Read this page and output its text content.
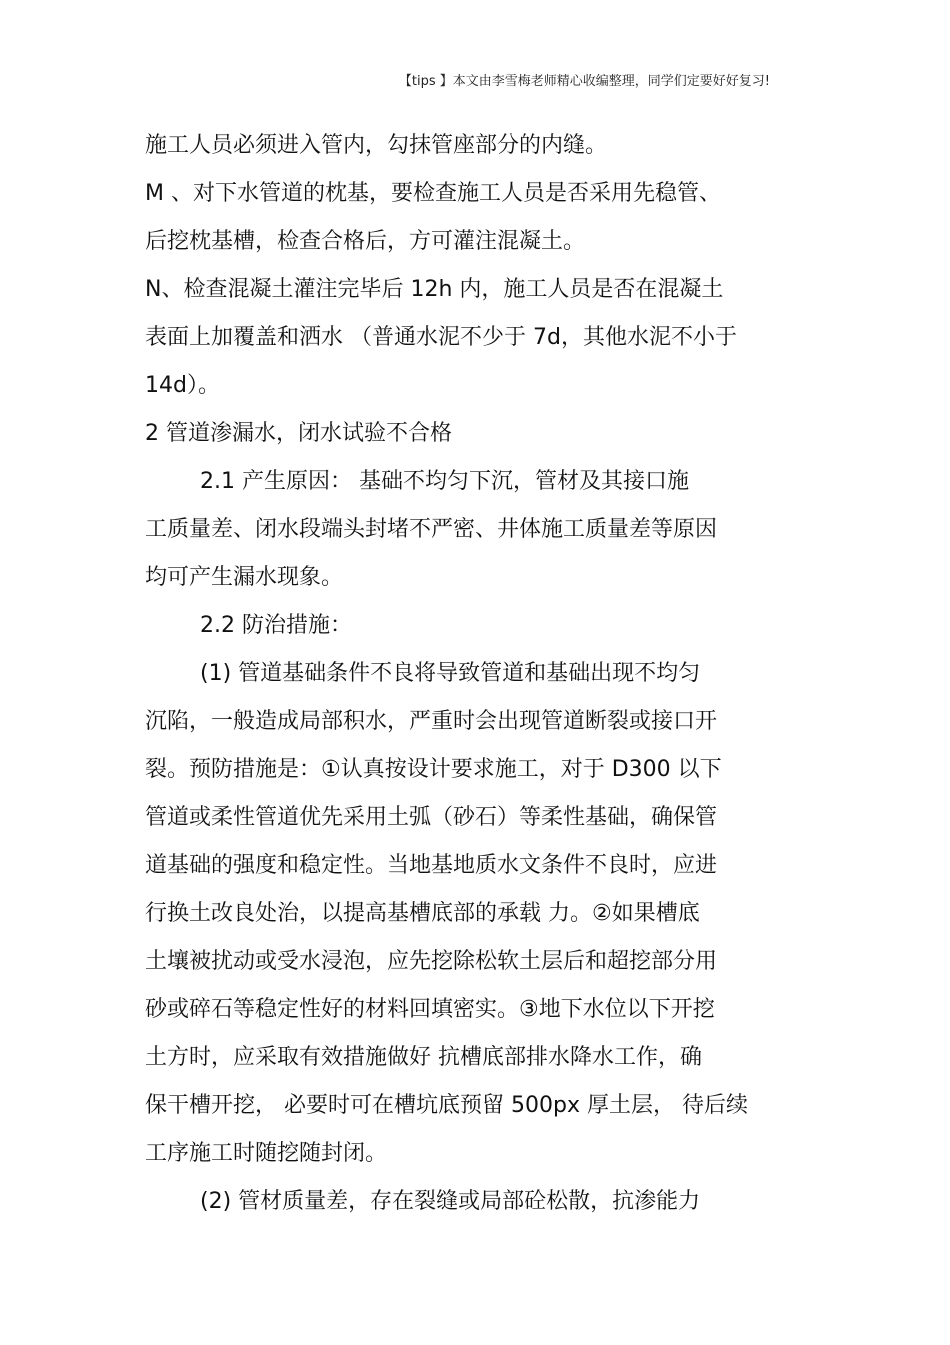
【tips 】本文由李雪梅老师精心收编整理，同学们定要好好复习!
施工人员必须进入管内，勾抹管座部分的内缝。
M 、对下水管道的枕基，要检查施工人员是否采用先稳管、
后挖枕基槽，检查合格后，方可灌注混凝土。
N、检查混凝土灌注完毕后 12h 内，施工人员是否在混凝土
表面上加覆盖和洒水 （普通水泥不少于 7d，其他水泥不小于
14d）。
2 管道渗漏水，闭水试验不合格
2.1 产生原因： 基础不均匀下沉，管材及其接口施
工质量差、闭水段端头封堵不严密、井体施工质量差等原因
均可产生漏水现象。
2.2 防治措施：
(1) 管道基础条件不良将导致管道和基础出现不均匀
沉陷，一般造成局部积水，严重时会出现管道断裂或接口开
裂。预防措施是：①认真按设计要求施工，对于 D300 以下
管道或柔性管道优先采用土弧（砂石）等柔性基础，确保管
道基础的强度和稳定性。当地基地质水文条件不良时，应进
行换土改良处治，以提高基槽底部的承载 力。②如果槽底
土壤被扰动或受水浸泡，应先挖除松软土层后和超挖部分用
砂或碎石等稳定性好的材料回填密实。③地下水位以下开挖
土方时，应采取有效措施做好 抗槽底部排水降水工作，确
保干槽开挖， 必要时可在槽坑底预留 500px 厚土层， 待后续
工序施工时随挖随封闭。
(2) 管材质量差，存在裂缝或局部砼松散，抗渗能力
